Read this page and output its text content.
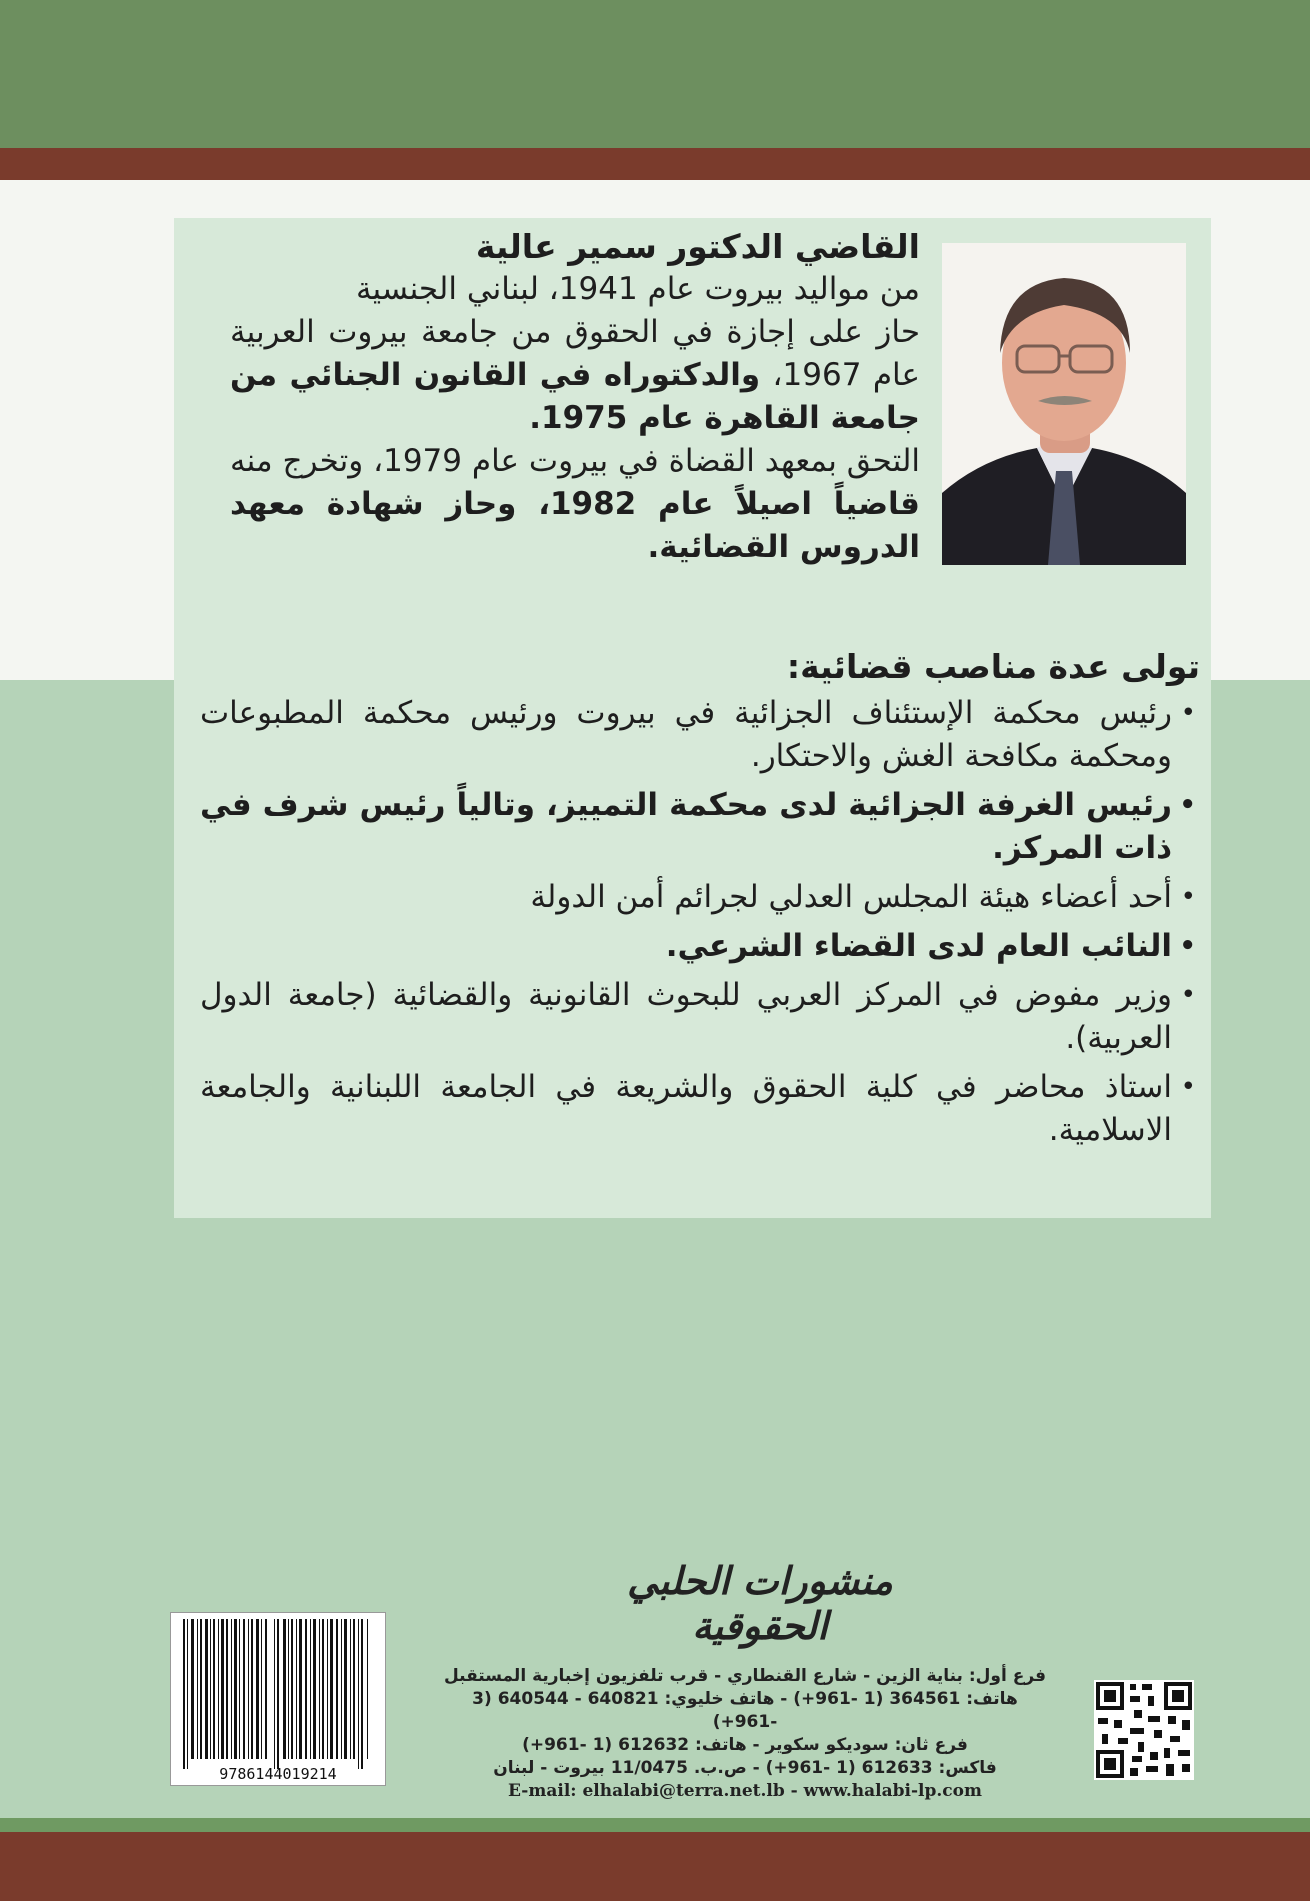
القاضي الدكتور سمير عالية

من مواليد بيروت عام 1941، لبناني الجنسية

حاز على إجازة في الحقوق من جامعة بيروت العربية عام 1967، والدكتوراه في القانون الجنائي من جامعة القاهرة عام 1975.

التحق بمعهد القضاة في بيروت عام 1979، وتخرج منه قاضياً اصيلاً عام 1982، وحاز شهادة معهد الدروس القضائية.

تولى عدة مناصب قضائية:

•
رئيس محكمة الإستئناف الجزائية في بيروت ورئيس محكمة المطبوعات ومحكمة مكافحة الغش والاحتكار.
•
رئيس الغرفة الجزائية لدى محكمة التمييز، وتالياً رئيس شرف في ذات المركز.
•
أحد أعضاء هيئة المجلس العدلي لجرائم أمن الدولة
•
النائب العام لدى القضاء الشرعي.
•
وزير مفوض في المركز العربي للبحوث القانونية والقضائية (جامعة الدول العربية).
•
استاذ محاضر في كلية الحقوق والشريعة في الجامعة اللبنانية والجامعة الاسلامية.
منشورات الحلبي الحقوقية

فرع أول: بناية الزين - شارع القنطاري - قرب تلفزيون إخبارية المستقبل

هاتف: 364561 (1 -961+) - هاتف خليوي: 640821 - 640544 (3 -961+)

فرع ثان: سوديكو سكوير - هاتف: 612632 (1 -961+)

فاكس: 612633 (1 -961+) - ص.ب. 11/0475 بيروت - لبنان

E-mail: elhalabi@terra.net.lb - www.halabi-lp.com

9786144019214
